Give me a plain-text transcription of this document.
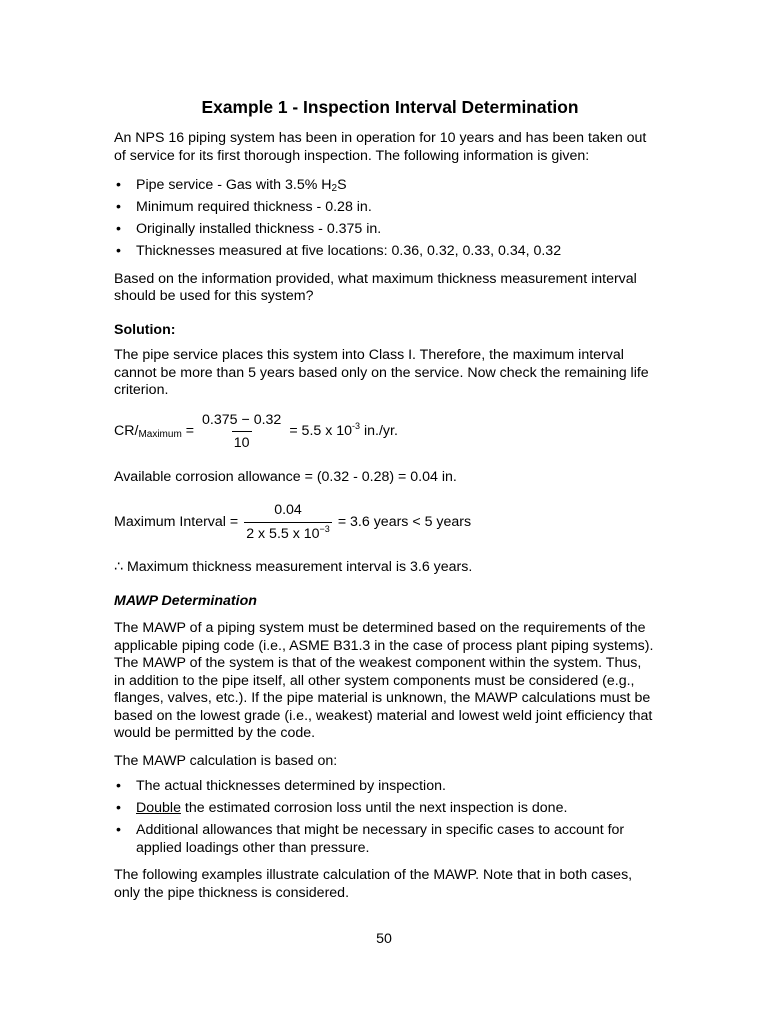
Example 1 - Inspection Interval Determination

An NPS 16 piping system has been in operation for 10 years and has been taken out of service for its first thorough inspection. The following information is given:

• Pipe service - Gas with 3.5% $H_2S$
• Minimum required thickness - 0.28 in.
• Originally installed thickness - 0.375 in.
• Thicknesses measured at five locations: 0.36, 0.32, 0.33, 0.34, 0.32

Based on the information provided, what maximum thickness measurement interval should be used for this system?

Solution:

The pipe service places this system into Class I. Therefore, the maximum interval cannot be more than 5 years based only on the service. Now check the remaining life criterion.

$CR/_{Maximum} = \frac{0.375 - 0.32}{10} = 5.5$ x $10^{-3}$ in./yr.

Available corrosion allowance = (0.32 - 0.28) = 0.04 in.

Maximum Interval = $\frac{0.04}{2 x 5.5 x 10^{-3}} = 3.6$ years < 5 years

∴ Maximum thickness measurement interval is 3.6 years.

MAWP Determination

The MAWP of a piping system must be determined based on the requirements of the applicable piping code (i.e., ASME B31.3 in the case of process plant piping systems). The MAWP of the system is that of the weakest component within the system. Thus, in addition to the pipe itself, all other system components must be considered (e.g., flanges, valves, etc.). If the pipe material is unknown, the MAWP calculations must be based on the lowest grade (i.e., weakest) material and lowest weld joint efficiency that would be permitted by the code.

The MAWP calculation is based on:

• The actual thicknesses determined by inspection.
• Double the estimated corrosion loss until the next inspection is done.
• Additional allowances that might be necessary in specific cases to account for applied loadings other than pressure.

The following examples illustrate calculation of the MAWP. Note that in both cases, only the pipe thickness is considered.

50
